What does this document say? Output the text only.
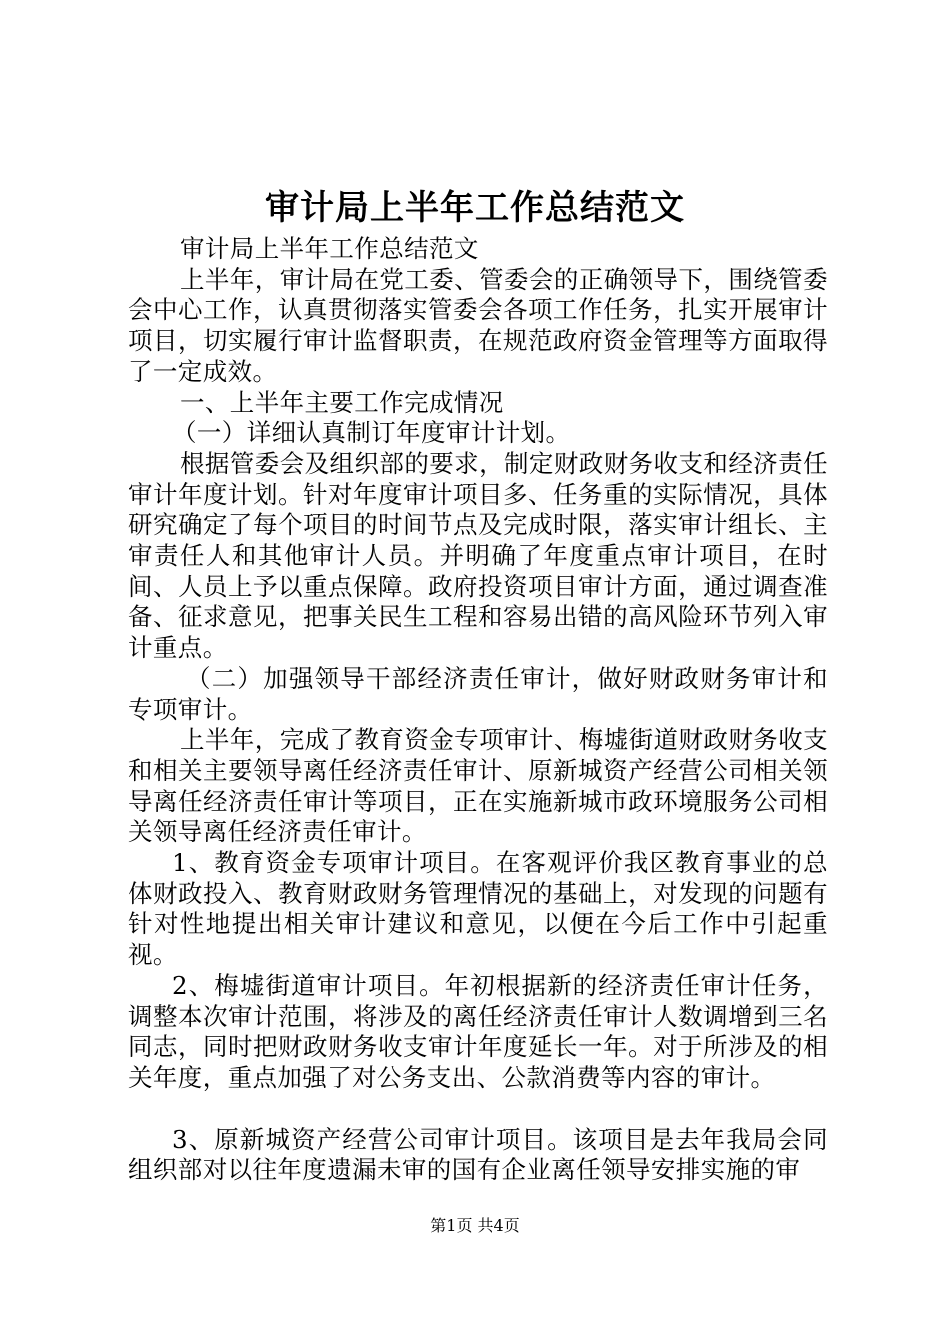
审计局上半年工作总结范文

审计局上半年工作总结范文

上半年，审计局在党工委、管委会的正确领导下，围绕管委会中心工作，认真贯彻落实管委会各项工作任务，扎实开展审计项目，切实履行审计监督职责，在规范政府资金管理等方面取得了一定成效。

一、上半年主要工作完成情况

（一）详细认真制订年度审计计划。

根据管委会及组织部的要求，制定财政财务收支和经济责任审计年度计划。针对年度审计项目多、任务重的实际情况，具体研究确定了每个项目的时间节点及完成时限，落实审计组长、主审责任人和其他审计人员。并明确了年度重点审计项目，在时间、人员上予以重点保障。政府投资项目审计方面，通过调查准备、征求意见，把事关民生工程和容易出错的高风险环节列入审计重点。

（二）加强领导干部经济责任审计，做好财政财务审计和专项审计。

上半年，完成了教育资金专项审计、梅墟街道财政财务收支和相关主要领导离任经济责任审计、原新城资产经营公司相关领导离任经济责任审计等项目，正在实施新城市政环境服务公司相关领导离任经济责任审计。

1、教育资金专项审计项目。在客观评价我区教育事业的总体财政投入、教育财政财务管理情况的基础上，对发现的问题有针对性地提出相关审计建议和意见，以便在今后工作中引起重视。

2、梅墟街道审计项目。年初根据新的经济责任审计任务，调整本次审计范围，将涉及的离任经济责任审计人数调增到三名同志，同时把财政财务收支审计年度延长一年。对于所涉及的相关年度，重点加强了对公务支出、公款消费等内容的审计。

3、原新城资产经营公司审计项目。该项目是去年我局会同组织部对以往年度遗漏未审的国有企业离任领导安排实施的审

第1页 共4页
